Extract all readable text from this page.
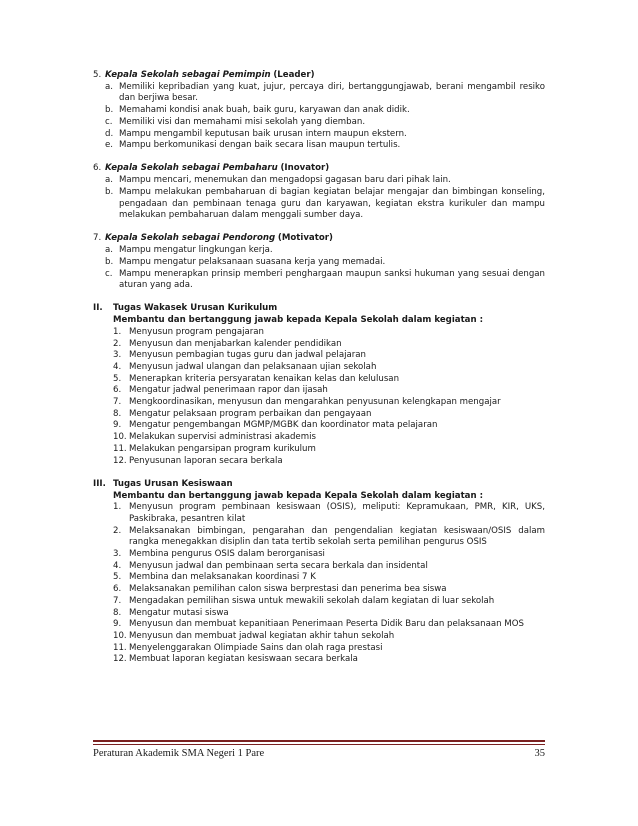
5. Kepala Sekolah sebagai Pemimpin (Leader)
a. Memiliki kepribadian yang kuat, jujur, percaya diri, bertanggungjawab, berani mengambil resiko dan berjiwa besar.
b. Memahami kondisi anak buah, baik guru, karyawan dan anak didik.
c. Memiliki visi dan memahami misi sekolah yang diemban.
d. Mampu mengambil keputusan baik urusan intern maupun ekstern.
e. Mampu berkomunikasi dengan baik secara lisan maupun tertulis.
6. Kepala Sekolah sebagai Pembaharu (Inovator)
a. Mampu mencari, menemukan dan mengadopsi gagasan baru dari pihak lain.
b. Mampu melakukan pembaharuan di bagian kegiatan belajar mengajar dan bimbingan konseling, pengadaan dan pembinaan tenaga guru dan karyawan, kegiatan ekstra kurikuler dan mampu melakukan pembaharuan dalam menggali sumber daya.
7. Kepala Sekolah sebagai Pendorong (Motivator)
a. Mampu mengatur lingkungan kerja.
b. Mampu mengatur pelaksanaan suasana kerja yang memadai.
c. Mampu menerapkan prinsip memberi penghargaan maupun sanksi hukuman yang sesuai dengan aturan yang ada.
II.	Tugas Wakasek Urusan Kurikulum
Membantu dan bertanggung jawab kepada Kepala Sekolah dalam kegiatan :
1. Menyusun program pengajaran
2. Menyusun dan menjabarkan kalender pendidikan
3. Menyusun pembagian tugas guru dan jadwal pelajaran
4. Menyusun jadwal ulangan dan pelaksanaan ujian sekolah
5. Menerapkan kriteria persyaratan kenaikan kelas dan kelulusan
6. Mengatur jadwal penerimaan rapor dan ijasah
7. Mengkoordinasikan, menyusun dan mengarahkan penyusunan kelengkapan mengajar
8. Mengatur pelaksaan program perbaikan dan pengayaan
9. Mengatur pengembangan MGMP/MGBK dan koordinator mata pelajaran
10. Melakukan supervisi administrasi akademis
11. Melakukan pengarsipan program kurikulum
12. Penyusunan laporan secara berkala
III. Tugas Urusan Kesiswaan
Membantu dan bertanggung jawab kepada Kepala Sekolah dalam kegiatan :
1. Menyusun program pembinaan kesiswaan (OSIS), meliputi: Kepramukaan, PMR, KIR, UKS, Paskibraka, pesantren kilat
2. Melaksanakan bimbingan, pengarahan dan pengendalian kegiatan kesiswaan/OSIS dalam rangka menegakkan disiplin dan tata tertib sekolah serta pemilihan pengurus OSIS
3. Membina pengurus OSIS dalam berorganisasi
4. Menyusun jadwal dan pembinaan serta secara berkala dan insidental
5. Membina dan melaksanakan koordinasi 7 K
6. Melaksanakan pemilihan calon siswa berprestasi dan penerima bea siswa
7. Mengadakan pemilihan siswa untuk mewakili sekolah dalam kegiatan di luar sekolah
8. Mengatur mutasi siswa
9. Menyusun dan membuat kepanitiaan Penerimaan Peserta Didik Baru dan pelaksanaan MOS
10. Menyusun dan membuat jadwal kegiatan akhir tahun sekolah
11. Menyelenggarakan Olimpiade Sains dan olah raga prestasi
12. Membuat laporan kegiatan kesiswaan secara berkala
Peraturan Akademik SMA Negeri 1 Pare	35
